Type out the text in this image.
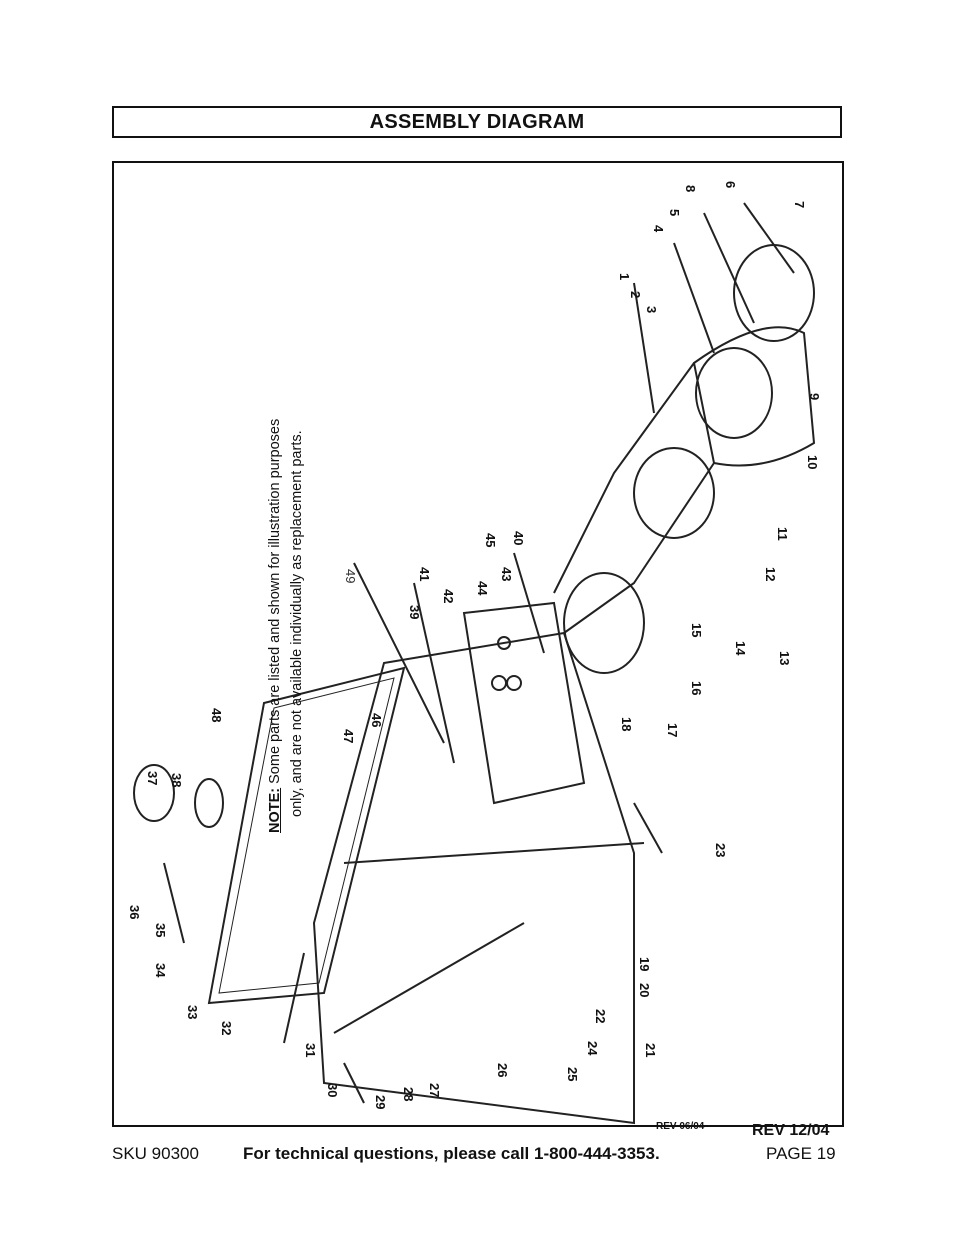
ASSEMBLY DIAGRAM
1
2
3
4
5
6
7
8
9
10
11
12
13
14
15
16
17
18
19
20
21
22
23
24
25
26
27
28
29
30
31
32
33
34
35
36
37 38
39
40
41
42
43
44
45
46
47
48
49
NOTE: Some parts are listed and shown for illustration purposes only, and are not available individually as replacement parts.
REV 06/04	REV 12/04
SKU 90300	For technical questions, please call 1-800-444-3353.	PAGE 19
